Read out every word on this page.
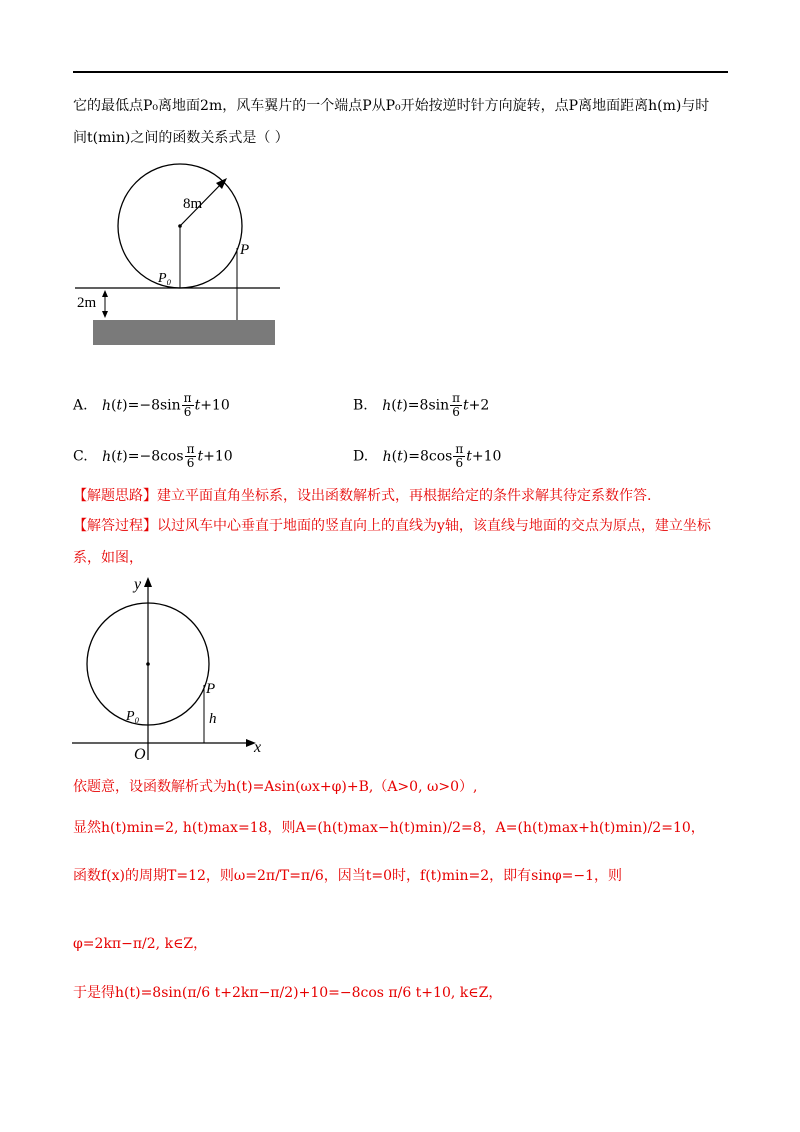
它的最低点P₀离地面2m，风车翼片的一个端点P从P₀开始按逆时针方向旋转，点P离地面距离h(m)与时
间t(min)之间的函数关系式是（ ）
8m
P
P₀
2m
A. $h(t)=-8\sin \frac{\pi}{6} t+10$	B. $h(t)=8\sin \frac{\pi}{6} t+2$
C. $h(t)=-8\cos \frac{\pi}{6} t+10$	D. $h(t)=8\cos \frac{\pi}{6} t+10$
【解题思路】建立平面直角坐标系，设出函数解析式，再根据给定的条件求解其待定系数作答.
【解答过程】以过风车中心垂直于地面的竖直向上的直线为y轴，该直线与地面的交点为原点，建立坐标
系，如图，
y
x
O
P
h
P₀
依题意，设函数解析式为h(t)=Asin(ωx+φ)+B,（A>0, ω>0）,
显然h(t)min=2, h(t)max=18，则A=(h(t)max−h(t)min)/2=8，A=(h(t)max+h(t)min)/2=10，
函数f(x)的周期T=12，则ω=2π/T=π/6，因当t=0时，f(t)min=2，即有sinφ=−1，则
φ=2kπ−π/2, k∈Z，
于是得h(t)=8sin(π/6 t+2kπ−π/2)+10=−8cos π/6 t+10, k∈Z，
